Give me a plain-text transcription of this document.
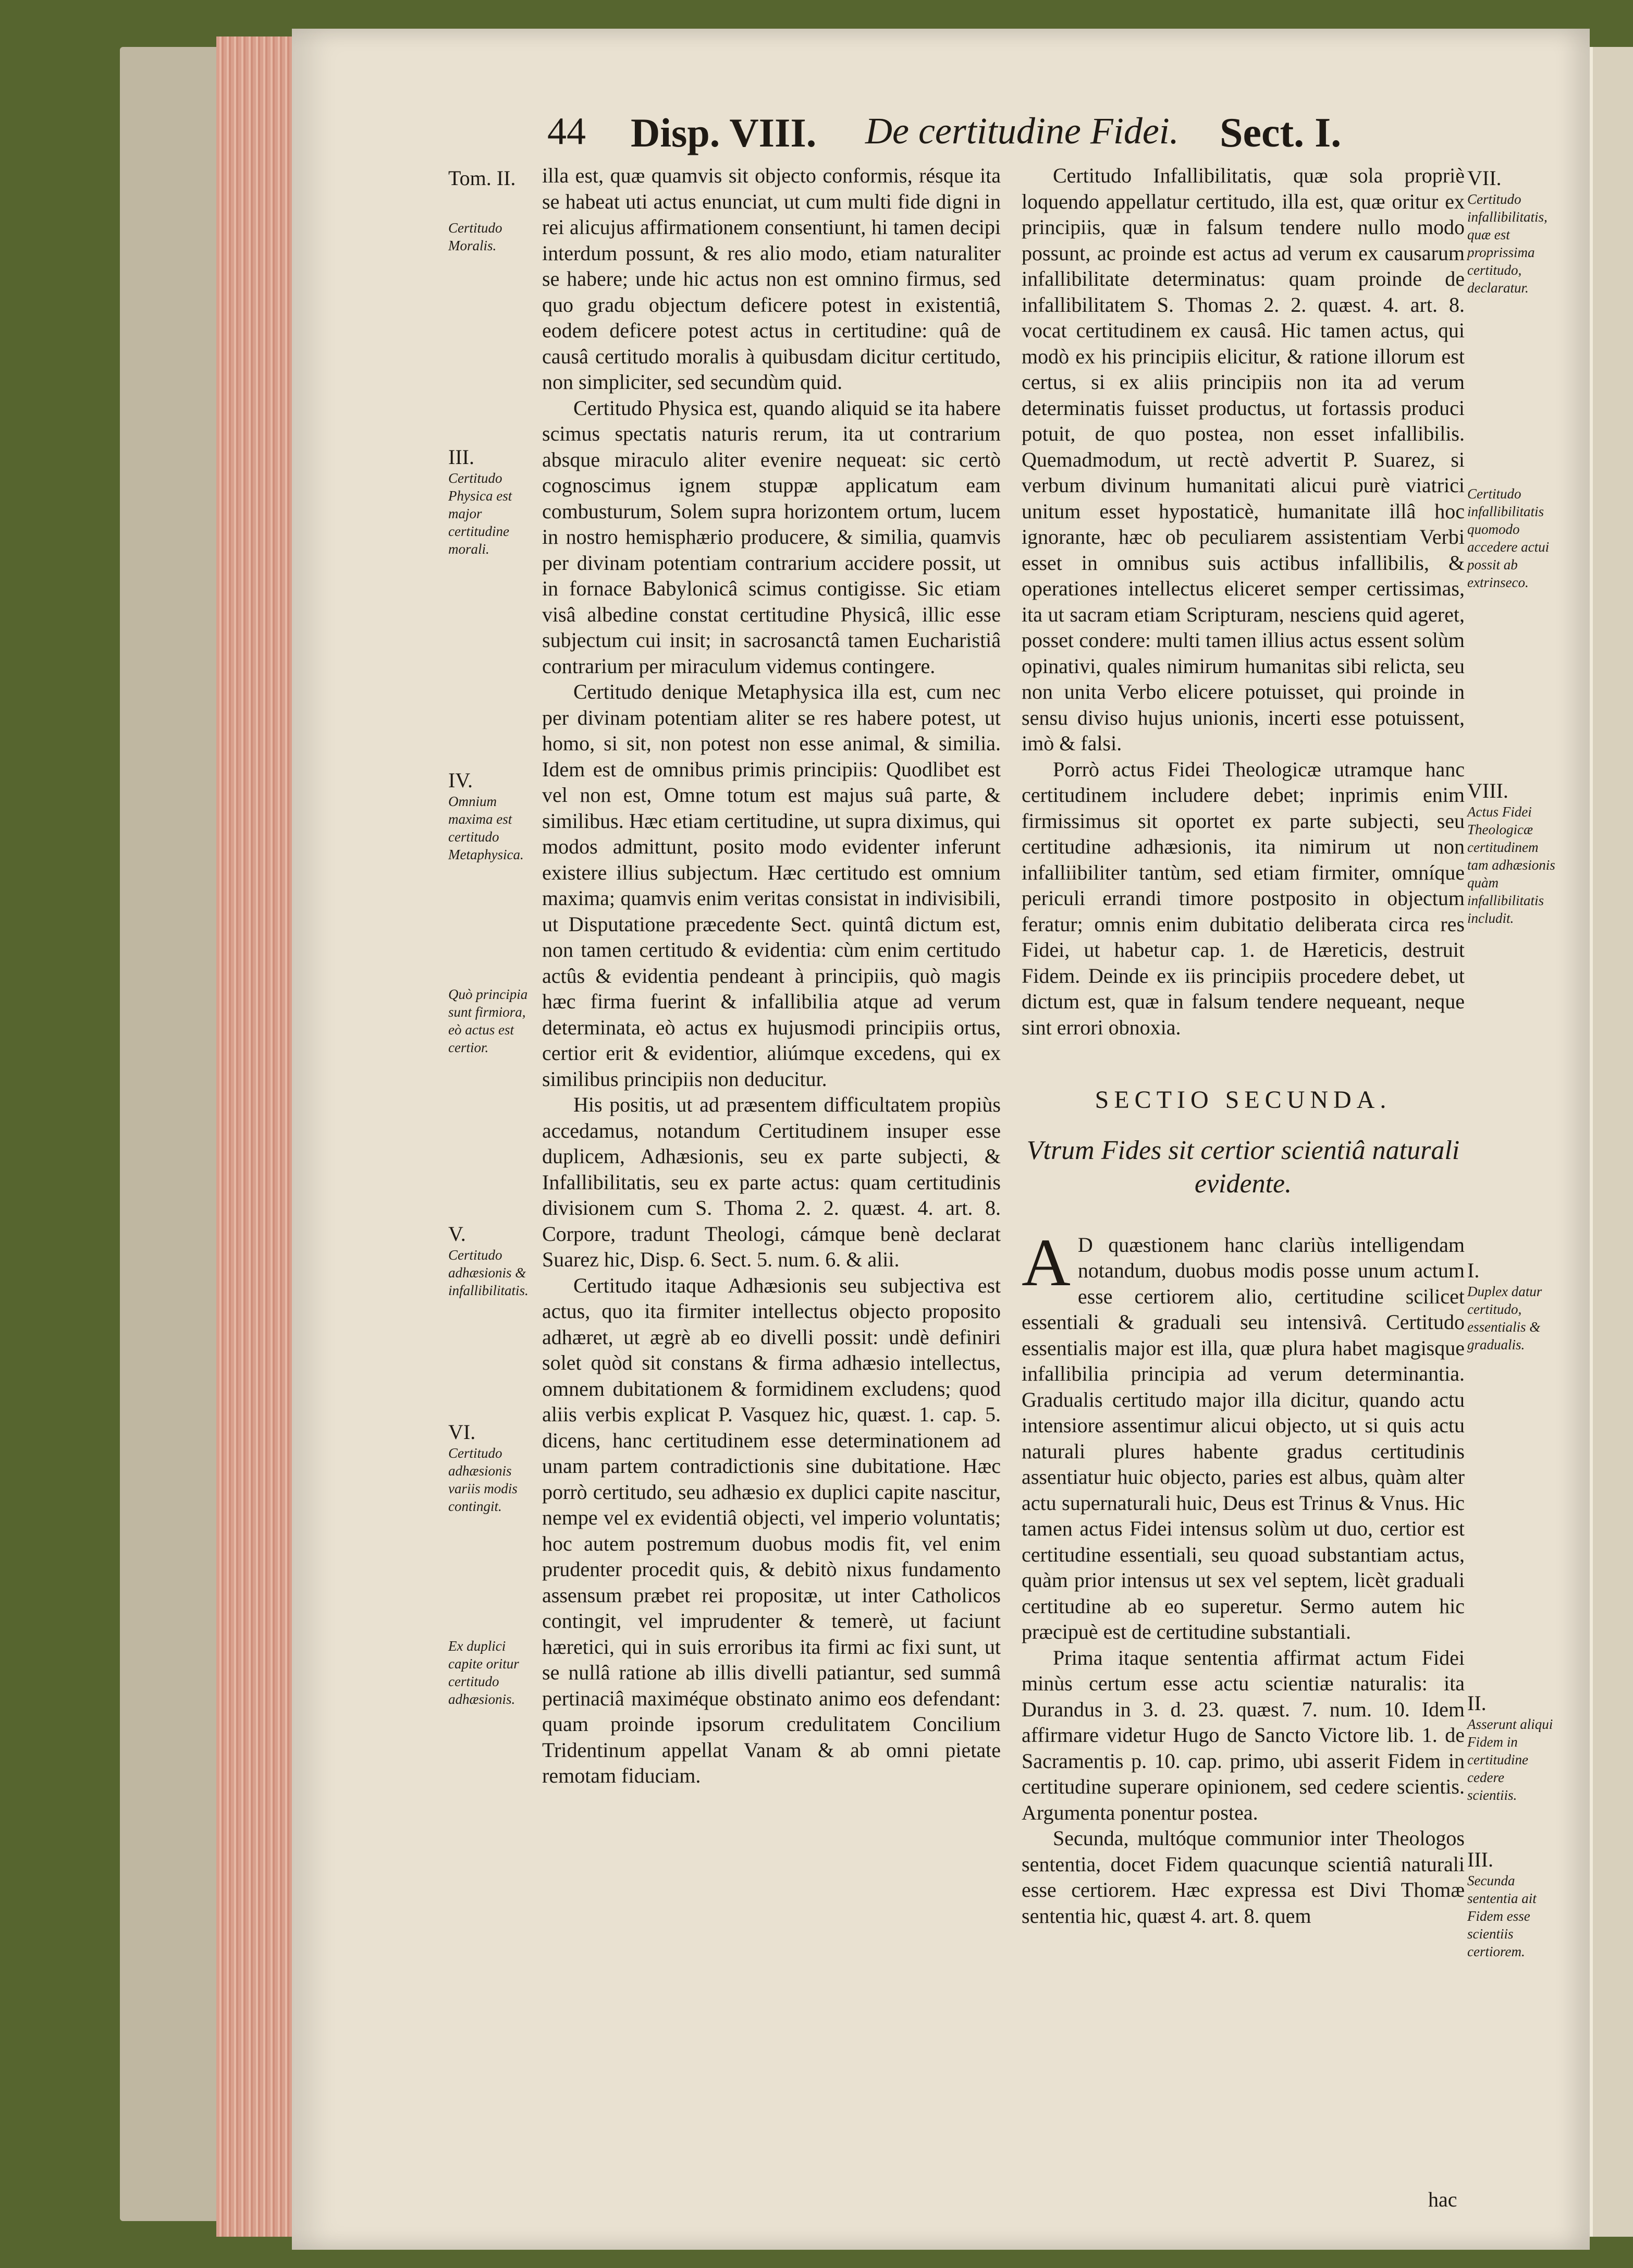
44 Disp. VIII. De certitudine Fidei. Sect. I.
Tom. II.
Certitudo Moralis.
III.
Certitudo Physica est major certitudine morali.
IV.
Omnium maxima est certitudo Metaphysica.
Quò principia sunt firmiora, eò actus est certior.
V.
Certitudo adhæsionis & infallibilitatis.
VI.
Certitudo adhæsionis variis modis contingit.
Ex duplici capite oritur certitudo adhæsionis.

illa est, quæ quamvis sit objecto conformis, résque ita se habeat uti actus enunciat, ut cum multi fide digni in rei alicujus affirmationem consentiunt, hi tamen decipi interdum possunt, & res alio modo, etiam naturaliter se habere; unde hic actus non est omnino firmus, sed quo gradu objectum deficere potest in existentiâ, eodem deficere potest actus in certitudine: quâ de causâ certitudo moralis à quibusdam dicitur certitudo, non simpliciter, sed secundùm quid.

Certitudo Physica est, quando aliquid se ita habere scimus spectatis naturis rerum, ita ut contrarium absque miraculo aliter evenire nequeat: sic certò cognoscimus ignem stuppæ applicatum eam combusturum, Solem supra horizontem ortum, lucem in nostro hemisphærio producere, & similia, quamvis per divinam potentiam contrarium accidere possit, ut in fornace Babylonicâ scimus contigisse. Sic etiam visâ albedine constat certitudine Physicâ, illic esse subjectum cui insit; in sacrosanctâ tamen Eucharistiâ contrarium per miraculum videmus contingere.

Certitudo denique Metaphysica illa est, cum nec per divinam potentiam aliter se res habere potest, ut homo, si sit, non potest non esse animal, & similia. Idem est de omnibus primis principiis: Quodlibet est vel non est, Omne totum est majus suâ parte, & similibus. Hæc etiam certitudine, ut supra diximus, qui modos admittunt, posito modo evidenter inferunt existere illius subjectum. Hæc certitudo est omnium maxima; quamvis enim veritas consistat in indivisibili, ut Disputatione præcedente Sect. quintâ dictum est, non tamen certitudo & evidentia: cùm enim certitudo actûs & evidentia pendeant à principiis, quò magis hæc firma fuerint & infallibilia atque ad verum determinata, eò actus ex hujusmodi principiis ortus, certior erit & evidentior, aliúmque excedens, qui ex similibus principiis non deducitur.

His positis, ut ad præsentem difficultatem propiùs accedamus, notandum Certitudinem insuper esse duplicem, Adhæsionis, seu ex parte subjecti, & Infallibilitatis, seu ex parte actus: quam certitudinis divisionem cum S. Thoma 2. 2. quæst. 4. art. 8. Corpore, tradunt Theologi, cámque benè declarat Suarez hic, Disp. 6. Sect. 5. num. 6. & alii.

Certitudo itaque Adhæsionis seu subjectiva est actus, quo ita firmiter intellectus objecto proposito adhæret, ut ægrè ab eo divelli possit: undè definiri solet quòd sit constans & firma adhæsio intellectus, omnem dubitationem & formidinem excludens; quod aliis verbis explicat P. Vasquez hic, quæst. 1. cap. 5. dicens, hanc certitudinem esse determinationem ad unam partem contradictionis sine dubitatione. Hæc porrò certitudo, seu adhæsio ex duplici capite nascitur, nempe vel ex evidentiâ objecti, vel imperio voluntatis; hoc autem postremum duobus modis fit, vel enim prudenter procedit quis, & debitò nixus fundamento assensum præbet rei propositæ, ut inter Catholicos contingit, vel imprudenter & temerè, ut faciunt hæretici, qui in suis erroribus ita firmi ac fixi sunt, ut se nullâ ratione ab illis divelli patiantur, sed summâ pertinaciâ maximéque obstinato animo eos defendant: quam proinde ipsorum credulitatem Concilium Tridentinum appellat Vanam & ab omni pietate remotam fiduciam.

Certitudo Infallibilitatis, quæ sola propriè loquendo appellatur certitudo, illa est, quæ oritur ex principiis, quæ in falsum tendere nullo modo possunt, ac proinde est actus ad verum ex causarum infallibilitate determinatus: quam proinde de infallibilitatem S. Thomas 2. 2. quæst. 4. art. 8. vocat certitudinem ex causâ. Hic tamen actus, qui modò ex his principiis elicitur, & ratione illorum est certus, si ex aliis principiis non ita ad verum determinatis fuisset productus, ut fortassis produci potuit, de quo postea, non esset infallibilis. Quemadmodum, ut rectè advertit P. Suarez, si verbum divinum humanitati alicui purè viatrici unitum esset hypostaticè, humanitate illâ hoc ignorante, hæc ob peculiarem assistentiam Verbi esset in omnibus suis actibus infallibilis, & operationes intellectus eliceret semper certissimas, ita ut sacram etiam Scripturam, nesciens quid ageret, posset condere: multi tamen illius actus essent solùm opinativi, quales nimirum humanitas sibi relicta, seu non unita Verbo elicere potuisset, qui proinde in sensu diviso hujus unionis, incerti esse potuissent, imò & falsi.

Porrò actus Fidei Theologicæ utramque hanc certitudinem includere debet; inprimis enim firmissimus sit oportet ex parte subjecti, seu certitudine adhæsionis, ita nimirum ut non infalliibiliter tantùm, sed etiam firmiter, omníque periculi errandi timore postposito in objectum feratur; omnis enim dubitatio deliberata circa res Fidei, ut habetur cap. 1. de Hæreticis, destruit Fidem. Deinde ex iis principiis procedere debet, ut dictum est, quæ in falsum tendere nequeant, neque sint errori obnoxia.

SECTIO SECUNDA.
Vtrum Fides sit certior scientiâ naturali evidente.

A D quæstionem hanc clariùs intelligendam notandum, duobus modis posse unum actum esse certiorem alio, certitudine scilicet essentiali & graduali seu intensivâ. Certitudo essentialis major est illa, quæ plura habet magisque infallibilia principia ad verum determinantia. Gradualis certitudo major illa dicitur, quando actu intensiore assentimur alicui objecto, ut si quis actu naturali plures habente gradus certitudinis assentiatur huic objecto, paries est albus, quàm alter actu supernaturali huic, Deus est Trinus & Vnus. Hic tamen actus Fidei intensus solùm ut duo, certior est certitudine essentiali, seu quoad substantiam actus, quàm prior intensus ut sex vel septem, licèt graduali certitudine ab eo superetur. Sermo autem hic præcipuè est de certitudine substantiali.

Prima itaque sententia affirmat actum Fidei minùs certum esse actu scientiæ naturalis: ita Durandus in 3. d. 23. quæst. 7. num. 10. Idem affirmare videtur Hugo de Sancto Victore lib. 1. de Sacramentis p. 10. cap. primo, ubi asserit Fidem in certitudine superare opinionem, sed cedere scientis. Argumenta ponentur postea.

Secunda, multóque communior inter Theologos sententia, docet Fidem quacunque scientiâ naturali esse certiorem. Hæc expressa est Divi Thomæ sententia hic, quæst 4. art. 8. quem

hac
VII.
Certitudo infallibilitatis, quæ est proprissima certitudo, declaratur.
Certitudo infallibilitatis quomodo accedere actui possit ab extrinseco.
VIII.
Actus Fidei Theologicæ certitudinem tam adhæsionis quàm infallibilitatis includit.
I.
Duplex datur certitudo, essentialis & gradualis.
II.
Asserunt aliqui Fidem in certitudine cedere scientiis.
III.
Secunda sententia ait Fidem esse scientiis certiorem.
